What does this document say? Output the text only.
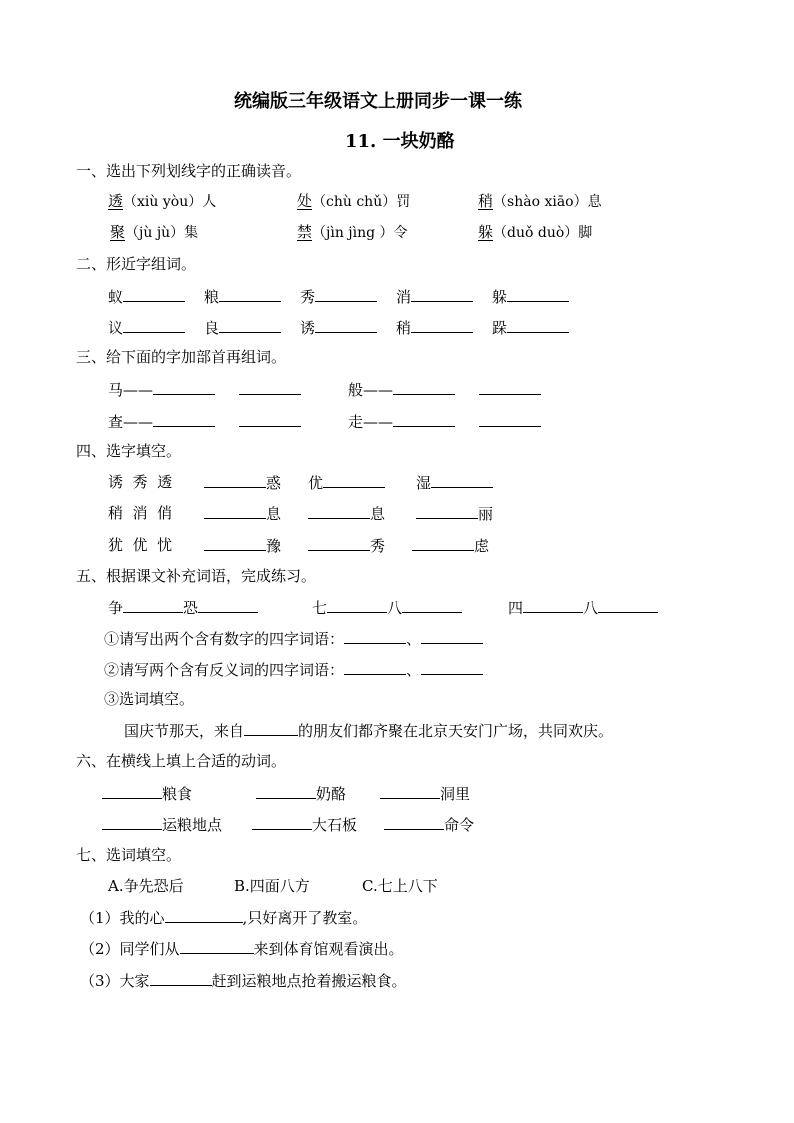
统编版三年级语文上册同步一课一练
11. 一块奶酪
一、选出下列划线字的正确读音。
透（xiù yòu）人	处（chù chǔ）罚	稍（shào xiāo）息
聚（jù jù）集	禁（jìn jìng ）令	躲（duǒ duò）脚
二、形近字组词。
蚁	粮	秀	消	躲
议	良	诱	稍	跺
三、给下面的字加部首再组词。
马——	般——
查——	走——
四、选字填空。
诱  秀  透	惑 优	湿
稍  消  俏	息	息	丽
犹  优  忧	豫	秀	虑
五、根据课文补充词语，完成练习。
争	恐	七	八	四	八
①请写出两个含有数字的四字词语：	、
②请写两个含有反义词的四字词语：	、
③选词填空。
国庆节那天，来自	的朋友们都齐聚在北京天安门广场，共同欢庆。
六、在横线上填上合适的动词。
粮食	奶酪	洞里
运粮地点	大石板	命令
七、选词填空。
A.争先恐后	B.四面八方	C.七上八下
（1）我的心	,只好离开了教室。
（2）同学们从	来到体育馆观看演出。
（3）大家	赶到运粮地点抢着搬运粮食。
